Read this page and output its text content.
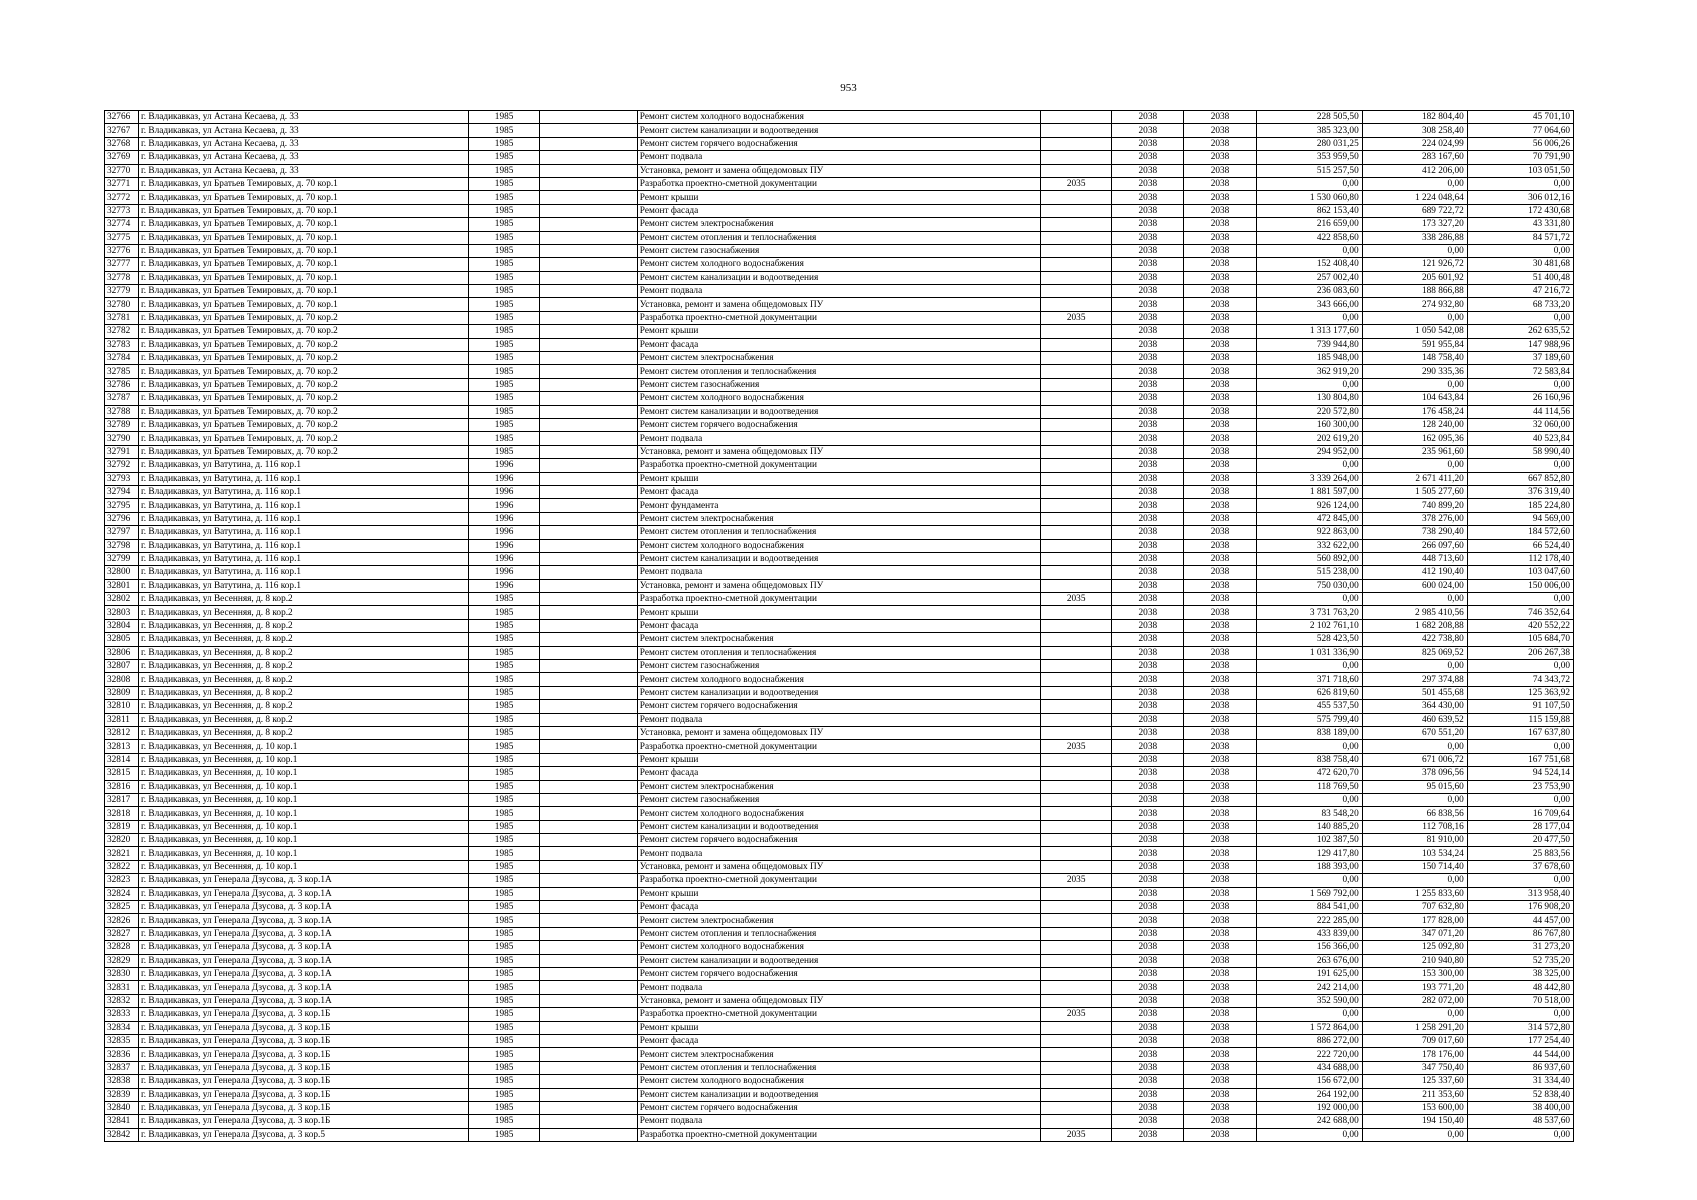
953
32766	г. Владикавказ, ул Астана Кесаева, д. 33	1985		Ремонт систем холодного водоснабжения		2038	2038	228 505,50	182 804,40	45 701,10
32767	г. Владикавказ, ул Астана Кесаева, д. 33	1985		Ремонт систем канализации и водоотведения		2038	2038	385 323,00	308 258,40	77 064,60
32768	г. Владикавказ, ул Астана Кесаева, д. 33	1985		Ремонт систем горячего водоснабжения		2038	2038	280 031,25	224 024,99	56 006,26
32769	г. Владикавказ, ул Астана Кесаева, д. 33	1985		Ремонт подвала		2038	2038	353 959,50	283 167,60	70 791,90
32770	г. Владикавказ, ул Астана Кесаева, д. 33	1985		Установка, ремонт и замена общедомовых ПУ		2038	2038	515 257,50	412 206,00	103 051,50
32771	г. Владикавказ, ул Братьев Темировых, д. 70 кор.1	1985		Разработка проектно-сметной документации	2035	2038	2038	0,00	0,00	0,00
32772	г. Владикавказ, ул Братьев Темировых, д. 70 кор.1	1985		Ремонт крыши		2038	2038	1 530 060,80	1 224 048,64	306 012,16
32773	г. Владикавказ, ул Братьев Темировых, д. 70 кор.1	1985		Ремонт фасада		2038	2038	862 153,40	689 722,72	172 430,68
32774	г. Владикавказ, ул Братьев Темировых, д. 70 кор.1	1985		Ремонт систем электроснабжения		2038	2038	216 659,00	173 327,20	43 331,80
32775	г. Владикавказ, ул Братьев Темировых, д. 70 кор.1	1985		Ремонт систем отопления и теплоснабжения		2038	2038	422 858,60	338 286,88	84 571,72
32776	г. Владикавказ, ул Братьев Темировых, д. 70 кор.1	1985		Ремонт систем газоснабжения		2038	2038	0,00	0,00	0,00
32777	г. Владикавказ, ул Братьев Темировых, д. 70 кор.1	1985		Ремонт систем холодного водоснабжения		2038	2038	152 408,40	121 926,72	30 481,68
32778	г. Владикавказ, ул Братьев Темировых, д. 70 кор.1	1985		Ремонт систем канализации и водоотведения		2038	2038	257 002,40	205 601,92	51 400,48
32779	г. Владикавказ, ул Братьев Темировых, д. 70 кор.1	1985		Ремонт подвала		2038	2038	236 083,60	188 866,88	47 216,72
32780	г. Владикавказ, ул Братьев Темировых, д. 70 кор.1	1985		Установка, ремонт и замена общедомовых ПУ		2038	2038	343 666,00	274 932,80	68 733,20
32781	г. Владикавказ, ул Братьев Темировых, д. 70 кор.2	1985		Разработка проектно-сметной документации	2035	2038	2038	0,00	0,00	0,00
32782	г. Владикавказ, ул Братьев Темировых, д. 70 кор.2	1985		Ремонт крыши		2038	2038	1 313 177,60	1 050 542,08	262 635,52
32783	г. Владикавказ, ул Братьев Темировых, д. 70 кор.2	1985		Ремонт фасада		2038	2038	739 944,80	591 955,84	147 988,96
32784	г. Владикавказ, ул Братьев Темировых, д. 70 кор.2	1985		Ремонт систем электроснабжения		2038	2038	185 948,00	148 758,40	37 189,60
32785	г. Владикавказ, ул Братьев Темировых, д. 70 кор.2	1985		Ремонт систем отопления и теплоснабжения		2038	2038	362 919,20	290 335,36	72 583,84
32786	г. Владикавказ, ул Братьев Темировых, д. 70 кор.2	1985		Ремонт систем газоснабжения		2038	2038	0,00	0,00	0,00
32787	г. Владикавказ, ул Братьев Темировых, д. 70 кор.2	1985		Ремонт систем холодного водоснабжения		2038	2038	130 804,80	104 643,84	26 160,96
32788	г. Владикавказ, ул Братьев Темировых, д. 70 кор.2	1985		Ремонт систем канализации и водоотведения		2038	2038	220 572,80	176 458,24	44 114,56
32789	г. Владикавказ, ул Братьев Темировых, д. 70 кор.2	1985		Ремонт систем горячего водоснабжения		2038	2038	160 300,00	128 240,00	32 060,00
32790	г. Владикавказ, ул Братьев Темировых, д. 70 кор.2	1985		Ремонт подвала		2038	2038	202 619,20	162 095,36	40 523,84
32791	г. Владикавказ, ул Братьев Темировых, д. 70 кор.2	1985		Установка, ремонт и замена общедомовых ПУ		2038	2038	294 952,00	235 961,60	58 990,40
32792	г. Владикавказ, ул Ватутина, д. 116 кор.1	1996		Разработка проектно-сметной документации		2038	2038	0,00	0,00	0,00
32793	г. Владикавказ, ул Ватутина, д. 116 кор.1	1996		Ремонт крыши		2038	2038	3 339 264,00	2 671 411,20	667 852,80
32794	г. Владикавказ, ул Ватутина, д. 116 кор.1	1996		Ремонт фасада		2038	2038	1 881 597,00	1 505 277,60	376 319,40
32795	г. Владикавказ, ул Ватутина, д. 116 кор.1	1996		Ремонт фундамента		2038	2038	926 124,00	740 899,20	185 224,80
32796	г. Владикавказ, ул Ватутина, д. 116 кор.1	1996		Ремонт систем электроснабжения		2038	2038	472 845,00	378 276,00	94 569,00
32797	г. Владикавказ, ул Ватутина, д. 116 кор.1	1996		Ремонт систем отопления и теплоснабжения		2038	2038	922 863,00	738 290,40	184 572,60
32798	г. Владикавказ, ул Ватутина, д. 116 кор.1	1996		Ремонт систем холодного водоснабжения		2038	2038	332 622,00	266 097,60	66 524,40
32799	г. Владикавказ, ул Ватутина, д. 116 кор.1	1996		Ремонт систем канализации и водоотведения		2038	2038	560 892,00	448 713,60	112 178,40
32800	г. Владикавказ, ул Ватутина, д. 116 кор.1	1996		Ремонт подвала		2038	2038	515 238,00	412 190,40	103 047,60
32801	г. Владикавказ, ул Ватутина, д. 116 кор.1	1996		Установка, ремонт и замена общедомовых ПУ		2038	2038	750 030,00	600 024,00	150 006,00
32802	г. Владикавказ, ул Весенняя, д. 8 кор.2	1985		Разработка проектно-сметной документации	2035	2038	2038	0,00	0,00	0,00
32803	г. Владикавказ, ул Весенняя, д. 8 кор.2	1985		Ремонт крыши		2038	2038	3 731 763,20	2 985 410,56	746 352,64
32804	г. Владикавказ, ул Весенняя, д. 8 кор.2	1985		Ремонт фасада		2038	2038	2 102 761,10	1 682 208,88	420 552,22
32805	г. Владикавказ, ул Весенняя, д. 8 кор.2	1985		Ремонт систем электроснабжения		2038	2038	528 423,50	422 738,80	105 684,70
32806	г. Владикавказ, ул Весенняя, д. 8 кор.2	1985		Ремонт систем отопления и теплоснабжения		2038	2038	1 031 336,90	825 069,52	206 267,38
32807	г. Владикавказ, ул Весенняя, д. 8 кор.2	1985		Ремонт систем газоснабжения		2038	2038	0,00	0,00	0,00
32808	г. Владикавказ, ул Весенняя, д. 8 кор.2	1985		Ремонт систем холодного водоснабжения		2038	2038	371 718,60	297 374,88	74 343,72
32809	г. Владикавказ, ул Весенняя, д. 8 кор.2	1985		Ремонт систем канализации и водоотведения		2038	2038	626 819,60	501 455,68	125 363,92
32810	г. Владикавказ, ул Весенняя, д. 8 кор.2	1985		Ремонт систем горячего водоснабжения		2038	2038	455 537,50	364 430,00	91 107,50
32811	г. Владикавказ, ул Весенняя, д. 8 кор.2	1985		Ремонт подвала		2038	2038	575 799,40	460 639,52	115 159,88
32812	г. Владикавказ, ул Весенняя, д. 8 кор.2	1985		Установка, ремонт и замена общедомовых ПУ		2038	2038	838 189,00	670 551,20	167 637,80
32813	г. Владикавказ, ул Весенняя, д. 10 кор.1	1985		Разработка проектно-сметной документации	2035	2038	2038	0,00	0,00	0,00
32814	г. Владикавказ, ул Весенняя, д. 10 кор.1	1985		Ремонт крыши		2038	2038	838 758,40	671 006,72	167 751,68
32815	г. Владикавказ, ул Весенняя, д. 10 кор.1	1985		Ремонт фасада		2038	2038	472 620,70	378 096,56	94 524,14
32816	г. Владикавказ, ул Весенняя, д. 10 кор.1	1985		Ремонт систем электроснабжения		2038	2038	118 769,50	95 015,60	23 753,90
32817	г. Владикавказ, ул Весенняя, д. 10 кор.1	1985		Ремонт систем газоснабжения		2038	2038	0,00	0,00	0,00
32818	г. Владикавказ, ул Весенняя, д. 10 кор.1	1985		Ремонт систем холодного водоснабжения		2038	2038	83 548,20	66 838,56	16 709,64
32819	г. Владикавказ, ул Весенняя, д. 10 кор.1	1985		Ремонт систем канализации и водоотведения		2038	2038	140 885,20	112 708,16	28 177,04
32820	г. Владикавказ, ул Весенняя, д. 10 кор.1	1985		Ремонт систем горячего водоснабжения		2038	2038	102 387,50	81 910,00	20 477,50
32821	г. Владикавказ, ул Весенняя, д. 10 кор.1	1985		Ремонт подвала		2038	2038	129 417,80	103 534,24	25 883,56
32822	г. Владикавказ, ул Весенняя, д. 10 кор.1	1985		Установка, ремонт и замена общедомовых ПУ		2038	2038	188 393,00	150 714,40	37 678,60
32823	г. Владикавказ, ул Генерала Дзусова, д. 3 кор.1А	1985		Разработка проектно-сметной документации	2035	2038	2038	0,00	0,00	0,00
32824	г. Владикавказ, ул Генерала Дзусова, д. 3 кор.1А	1985		Ремонт крыши		2038	2038	1 569 792,00	1 255 833,60	313 958,40
32825	г. Владикавказ, ул Генерала Дзусова, д. 3 кор.1А	1985		Ремонт фасада		2038	2038	884 541,00	707 632,80	176 908,20
32826	г. Владикавказ, ул Генерала Дзусова, д. 3 кор.1А	1985		Ремонт систем электроснабжения		2038	2038	222 285,00	177 828,00	44 457,00
32827	г. Владикавказ, ул Генерала Дзусова, д. 3 кор.1А	1985		Ремонт систем отопления и теплоснабжения		2038	2038	433 839,00	347 071,20	86 767,80
32828	г. Владикавказ, ул Генерала Дзусова, д. 3 кор.1А	1985		Ремонт систем холодного водоснабжения		2038	2038	156 366,00	125 092,80	31 273,20
32829	г. Владикавказ, ул Генерала Дзусова, д. 3 кор.1А	1985		Ремонт систем канализации и водоотведения		2038	2038	263 676,00	210 940,80	52 735,20
32830	г. Владикавказ, ул Генерала Дзусова, д. 3 кор.1А	1985		Ремонт систем горячего водоснабжения		2038	2038	191 625,00	153 300,00	38 325,00
32831	г. Владикавказ, ул Генерала Дзусова, д. 3 кор.1А	1985		Ремонт подвала		2038	2038	242 214,00	193 771,20	48 442,80
32832	г. Владикавказ, ул Генерала Дзусова, д. 3 кор.1А	1985		Установка, ремонт и замена общедомовых ПУ		2038	2038	352 590,00	282 072,00	70 518,00
32833	г. Владикавказ, ул Генерала Дзусова, д. 3 кор.1Б	1985		Разработка проектно-сметной документации	2035	2038	2038	0,00	0,00	0,00
32834	г. Владикавказ, ул Генерала Дзусова, д. 3 кор.1Б	1985		Ремонт крыши		2038	2038	1 572 864,00	1 258 291,20	314 572,80
32835	г. Владикавказ, ул Генерала Дзусова, д. 3 кор.1Б	1985		Ремонт фасада		2038	2038	886 272,00	709 017,60	177 254,40
32836	г. Владикавказ, ул Генерала Дзусова, д. 3 кор.1Б	1985		Ремонт систем электроснабжения		2038	2038	222 720,00	178 176,00	44 544,00
32837	г. Владикавказ, ул Генерала Дзусова, д. 3 кор.1Б	1985		Ремонт систем отопления и теплоснабжения		2038	2038	434 688,00	347 750,40	86 937,60
32838	г. Владикавказ, ул Генерала Дзусова, д. 3 кор.1Б	1985		Ремонт систем холодного водоснабжения		2038	2038	156 672,00	125 337,60	31 334,40
32839	г. Владикавказ, ул Генерала Дзусова, д. 3 кор.1Б	1985		Ремонт систем канализации и водоотведения		2038	2038	264 192,00	211 353,60	52 838,40
32840	г. Владикавказ, ул Генерала Дзусова, д. 3 кор.1Б	1985		Ремонт систем горячего водоснабжения		2038	2038	192 000,00	153 600,00	38 400,00
32841	г. Владикавказ, ул Генерала Дзусова, д. 3 кор.1Б	1985		Ремонт подвала		2038	2038	242 688,00	194 150,40	48 537,60
32842	г. Владикавказ, ул Генерала Дзусова, д. 3 кор.5	1985		Разработка проектно-сметной документации	2035	2038	2038	0,00	0,00	0,00
